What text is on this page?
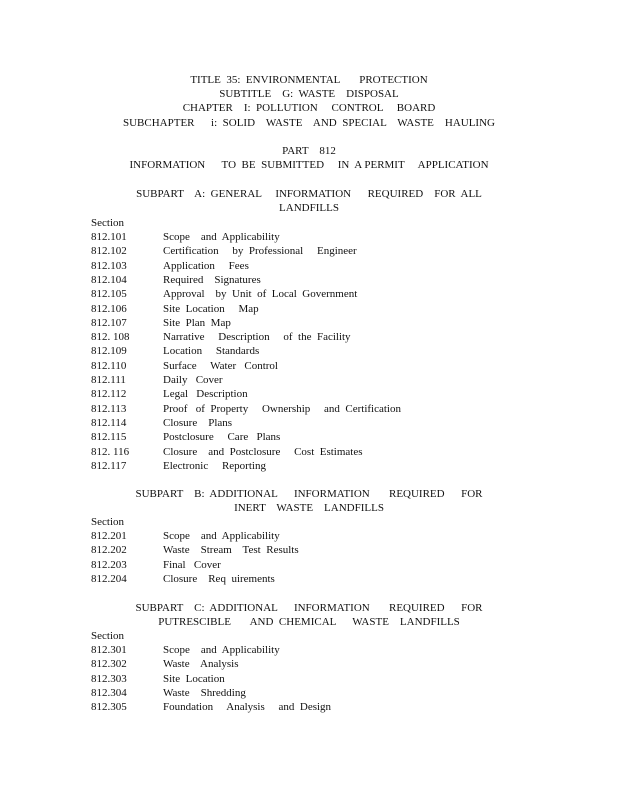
TITLE  35:  ENVIRONMENTAL       PROTECTION
SUBTITLE    G:  WASTE    DISPOSAL
CHAPTER    I:  POLLUTION     CONTROL     BOARD
SUBCHAPTER      i:  SOLID    WASTE    AND  SPECIAL    WASTE    HAULING
PART    812
INFORMATION      TO  BE  SUBMITTED     IN  A PERMIT     APPLICATION
SUBPART    A:  GENERAL     INFORMATION      REQUIRED    FOR  ALL
LANDFILLS
Section
812.101	Scope    and  Applicability
812.102	Certification     by  Professional     Engineer
812.103	Application     Fees
812.104	Required    Signatures
812.105	Approval    by  Unit  of  Local  Government
812.106	Site  Location     Map
812.107	Site  Plan  Map
812. 108	Narrative     Description     of  the  Facility
812.109	Location     Standards
812.110	Surface     Water   Control
812.111	Daily   Cover
812.112	Legal   Description
812.113	Proof   of  Property     Ownership     and  Certification
812.114	Closure    Plans
812.115	Postclosure     Care   Plans
812. 116	Closure    and  Postclosure     Cost  Estimates
812.117	Electronic     Reporting
SUBPART    B:  ADDITIONAL      INFORMATION       REQUIRED      FOR
INERT    WASTE    LANDFILLS
Section
812.201	Scope    and  Applicability
812.202	Waste    Stream    Test  Results
812.203	Final   Cover
812.204	Closure    Req  uirements
SUBPART    C:  ADDITIONAL      INFORMATION       REQUIRED      FOR
PUTRESCIBLE       AND  CHEMICAL      WASTE    LANDFILLS
Section
812.301	Scope    and  Applicability
812.302	Waste    Analysis
812.303	Site  Location
812.304	Waste    Shredding
812.305	Foundation     Analysis     and  Design
